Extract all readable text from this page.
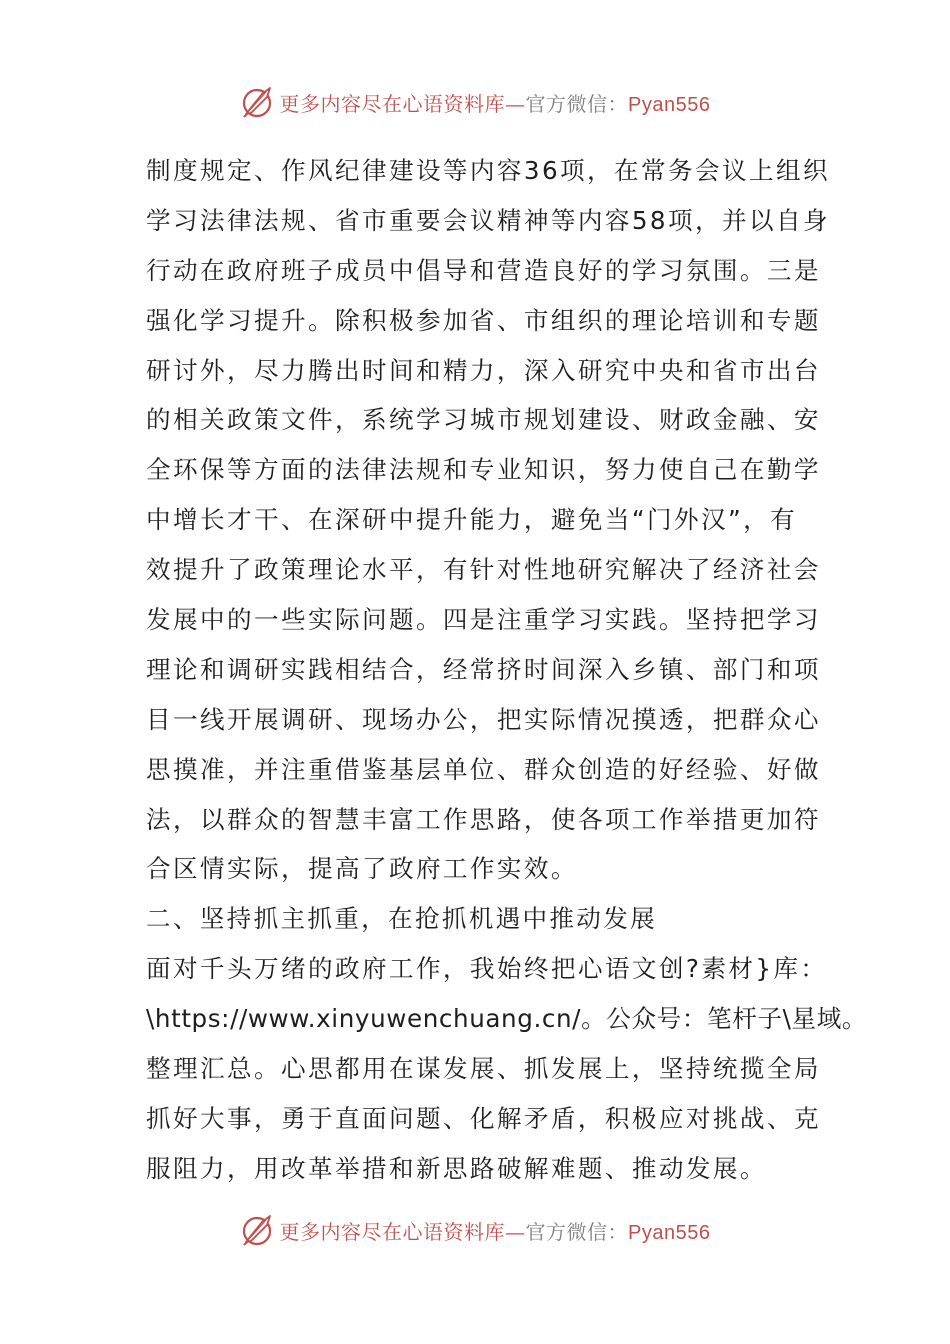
更多内容尽在心语资料库—官方微信：Pyan556
制度规定、作风纪律建设等内容36项，在常务会议上组织
学习法律法规、省市重要会议精神等内容58项，并以自身
行动在政府班子成员中倡导和营造良好的学习氛围。三是
强化学习提升。除积极参加省、市组织的理论培训和专题
研讨外，尽力腾出时间和精力，深入研究中央和省市出台
的相关政策文件，系统学习城市规划建设、财政金融、安
全环保等方面的法律法规和专业知识，努力使自己在勤学
中增长才干、在深研中提升能力，避免当“门外汉”，有
效提升了政策理论水平，有针对性地研究解决了经济社会
发展中的一些实际问题。四是注重学习实践。坚持把学习
理论和调研实践相结合，经常挤时间深入乡镇、部门和项
目一线开展调研、现场办公，把实际情况摸透，把群众心
思摸准，并注重借鉴基层单位、群众创造的好经验、好做
法，以群众的智慧丰富工作思路，使各项工作举措更加符
合区情实际，提高了政府工作实效。
二、坚持抓主抓重，在抢抓机遇中推动发展
面对千头万绪的政府工作，我始终把心语文创?素材}库：
\https://www.xinyuwenchuang.cn/。公众号：笔杆子\星域。
整理汇总。心思都用在谋发展、抓发展上，坚持统揽全局
抓好大事，勇于直面问题、化解矛盾，积极应对挑战、克
服阻力，用改革举措和新思路破解难题、推动发展。
更多内容尽在心语资料库—官方微信：Pyan556
